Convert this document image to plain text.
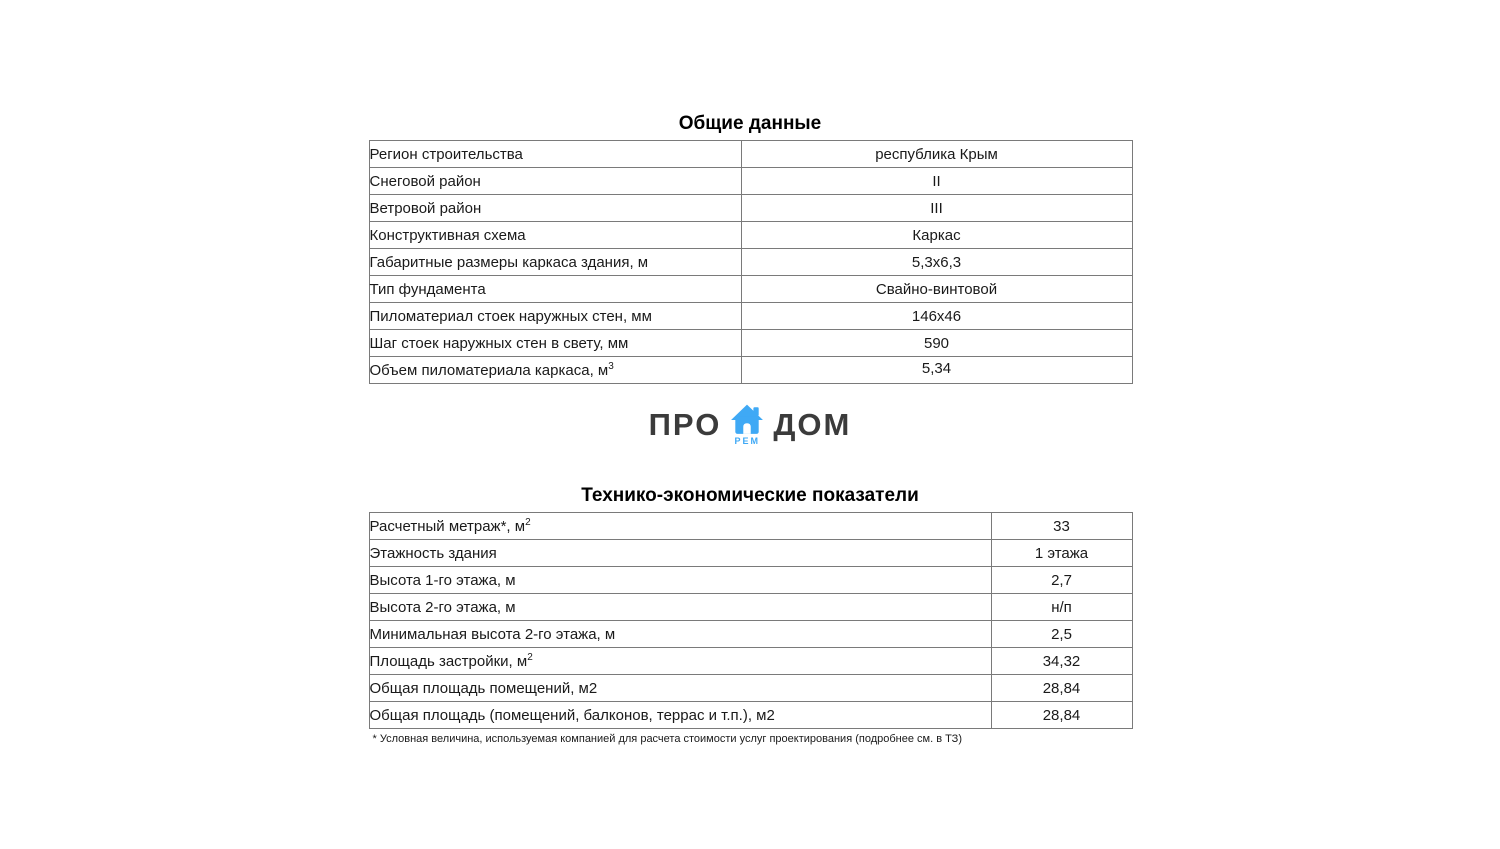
Общие данные
Регион строительства	республика Крым
Снеговой район	II
Ветровой район	III
Конструктивная схема	Каркас
Габаритные размеры каркаса здания, м	5,3х6,3
Тип фундамента	Свайно-винтовой
Пиломатериал стоек наружных стен, мм	146х46
Шаг стоек наружных стен в свету, мм	590
Объем пиломатериала каркаса, $м^3$	5,34
ПРО РЕМ ДОМ
Технико-экономические показатели
Расчетный метраж*, $м^2$	33
Этажность здания	1 этажа
Высота 1-го этажа, м	2,7
Высота 2-го этажа, м	н/п
Минимальная высота 2-го этажа, м	2,5
Площадь застройки, $м^2$	34,32
Общая площадь помещений, м2	28,84
Общая площадь (помещений, балконов, террас и т.п.), м2	28,84
* Условная величина, используемая компанией для расчета стоимости услуг проектирования (подробнее см. в ТЗ)
